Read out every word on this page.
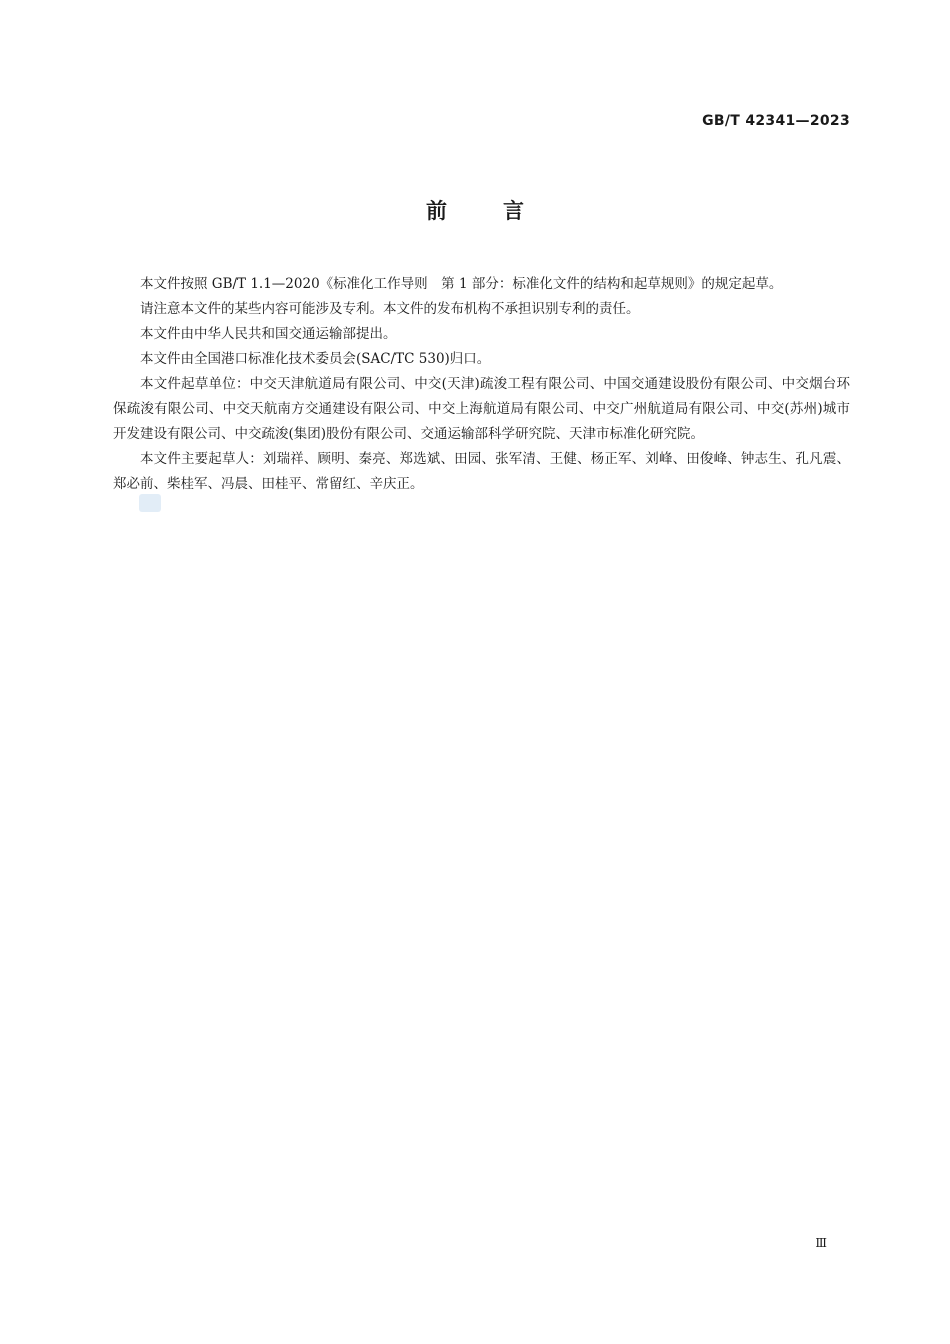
GB/T 42341—2023
前言

本文件按照 GB/T 1.1—2020《标准化工作导则　第 1 部分：标准化文件的结构和起草规则》的规定起草。

请注意本文件的某些内容可能涉及专利。本文件的发布机构不承担识别专利的责任。

本文件由中华人民共和国交通运输部提出。

本文件由全国港口标准化技术委员会(SAC/TC 530)归口。

本文件起草单位：中交天津航道局有限公司、中交(天津)疏浚工程有限公司、中国交通建设股份有限公司、中交烟台环保疏浚有限公司、中交天航南方交通建设有限公司、中交上海航道局有限公司、中交广州航道局有限公司、中交(苏州)城市开发建设有限公司、中交疏浚(集团)股份有限公司、交通运输部科学研究院、天津市标准化研究院。

本文件主要起草人：刘瑞祥、顾明、秦亮、郑选斌、田园、张军清、王健、杨正军、刘峰、田俊峰、钟志生、孔凡震、郑必前、柴桂军、冯晨、田桂平、常留红、辛庆正。

Ⅲ
